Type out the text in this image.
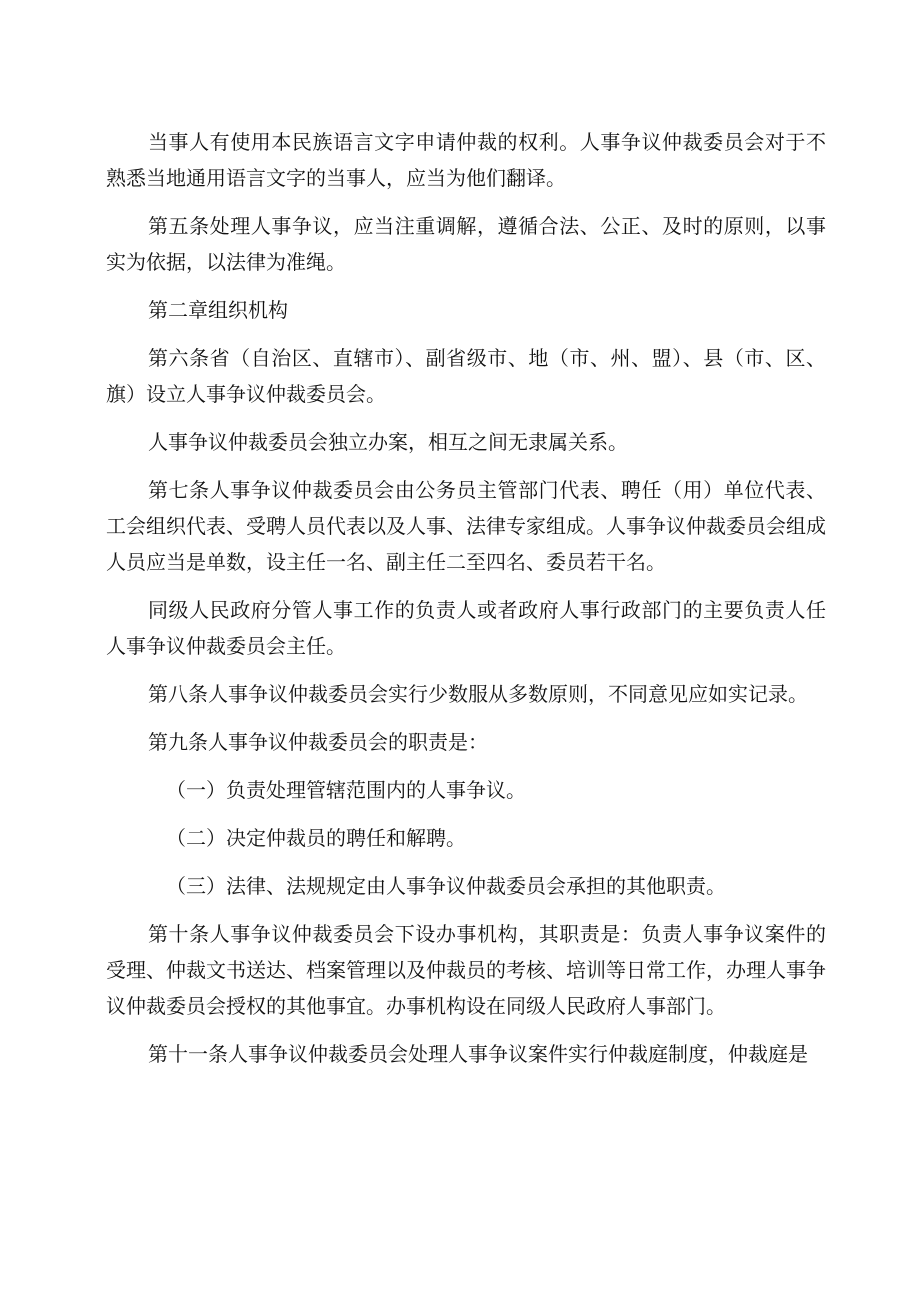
当事人有使用本民族语言文字申请仲裁的权利。人事争议仲裁委员会对于不熟悉当地通用语言文字的当事人，应当为他们翻译。

第五条处理人事争议，应当注重调解，遵循合法、公正、及时的原则，以事实为依据，以法律为准绳。

第二章组织机构

第六条省（自治区、直辖市）、副省级市、地（市、州、盟）、县（市、区、旗）设立人事争议仲裁委员会。

人事争议仲裁委员会独立办案，相互之间无隶属关系。

第七条人事争议仲裁委员会由公务员主管部门代表、聘任（用）单位代表、工会组织代表、受聘人员代表以及人事、法律专家组成。人事争议仲裁委员会组成人员应当是单数，设主任一名、副主任二至四名、委员若干名。

同级人民政府分管人事工作的负责人或者政府人事行政部门的主要负责人任人事争议仲裁委员会主任。

第八条人事争议仲裁委员会实行少数服从多数原则，不同意见应如实记录。

第九条人事争议仲裁委员会的职责是：

（一）负责处理管辖范围内的人事争议。

（二）决定仲裁员的聘任和解聘。

（三）法律、法规规定由人事争议仲裁委员会承担的其他职责。

第十条人事争议仲裁委员会下设办事机构，其职责是：负责人事争议案件的受理、仲裁文书送达、档案管理以及仲裁员的考核、培训等日常工作，办理人事争议仲裁委员会授权的其他事宜。办事机构设在同级人民政府人事部门。

第十一条人事争议仲裁委员会处理人事争议案件实行仲裁庭制度，仲裁庭是
